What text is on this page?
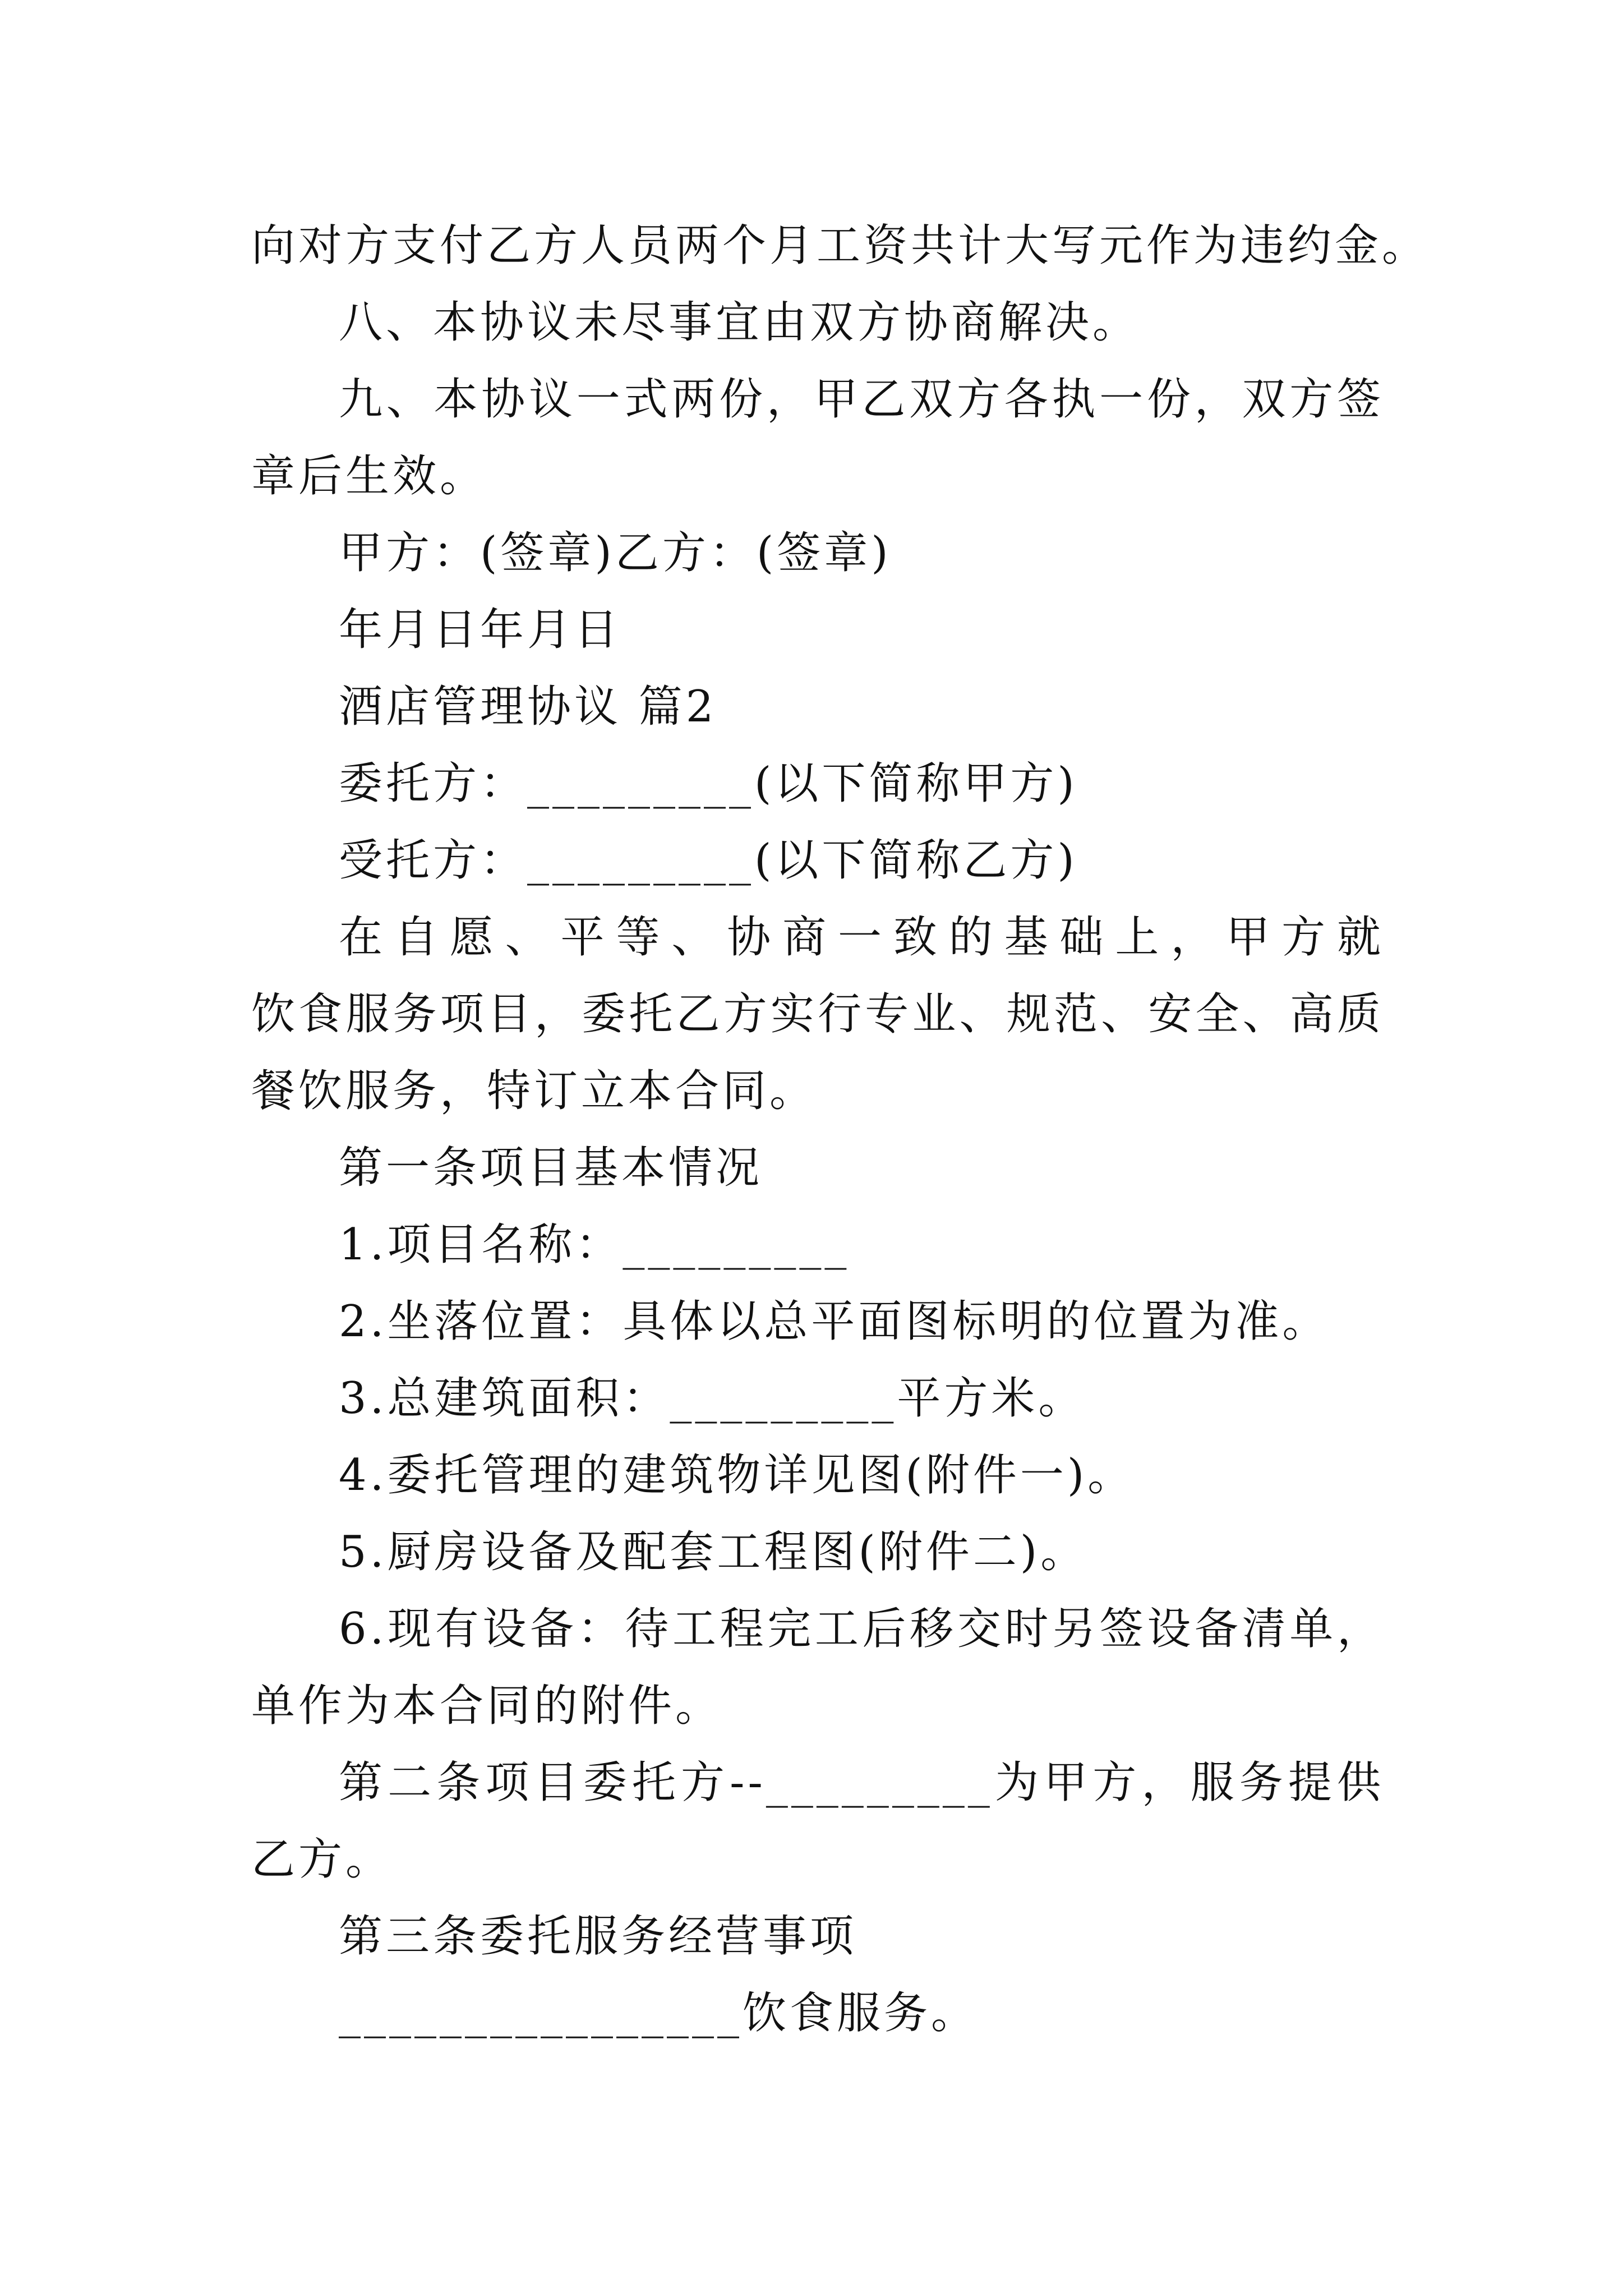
向对方支付乙方人员两个月工资共计大写元作为违约金。
八、本协议未尽事宜由双方协商解决。
九、本协议一式两份，甲乙双方各执一份，双方签
章后生效。
甲方：(签章)乙方：(签章)
年月日年月日
酒店管理协议 篇2
委托方：_________(以下简称甲方)
受托方：_________(以下简称乙方)
在自愿、平等、协商一致的基础上，甲方就
饮食服务项目，委托乙方实行专业、规范、安全、高质
餐饮服务，特订立本合同。
第一条项目基本情况
1.项目名称：_________
2.坐落位置：具体以总平面图标明的位置为准。
3.总建筑面积：_________平方米。
4.委托管理的建筑物详见图(附件一)。
5.厨房设备及配套工程图(附件二)。
6.现有设备：待工程完工后移交时另签设备清单，
单作为本合同的附件。
第二条项目委托方--_________为甲方，服务提供
乙方。
第三条委托服务经营事项
________________饮食服务。
